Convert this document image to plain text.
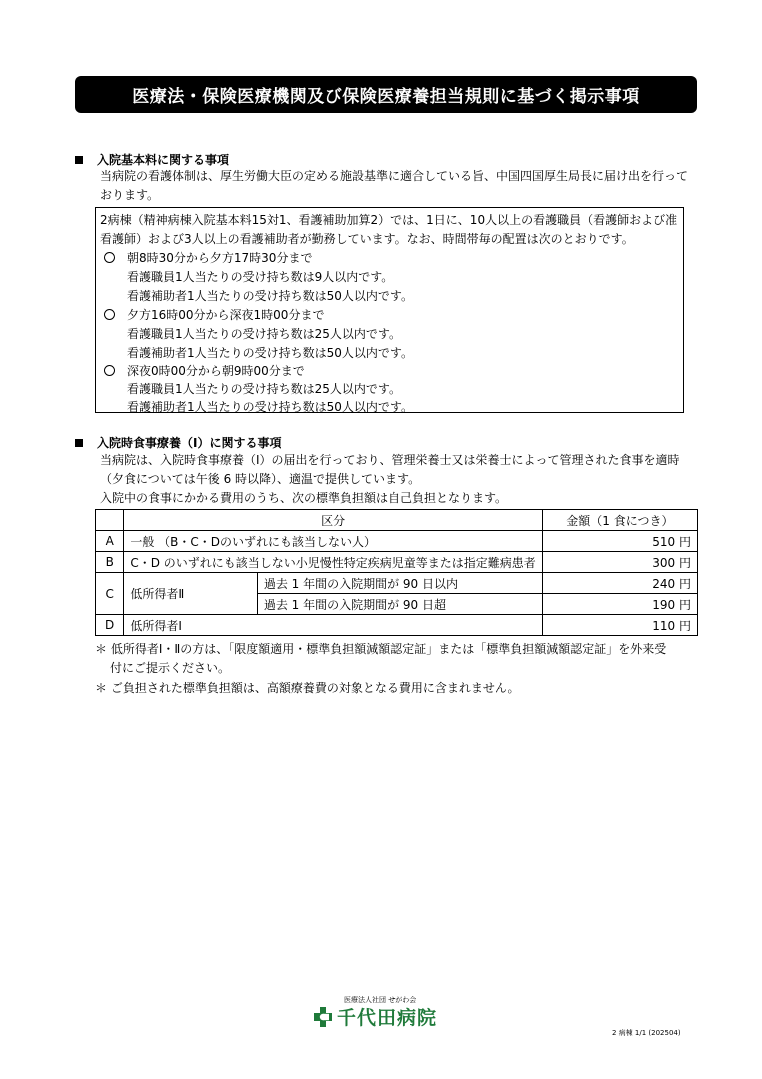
医療法・保険医療機関及び保険医療養担当規則に基づく掲示事項
入院基本料に関する事項
当病院の看護体制は、厚生労働大臣の定める施設基準に適合している旨、中国四国厚生局長に届け出を行って
おります。
2病棟（精神病棟入院基本料15対1、看護補助加算2）では、1日に、10人以上の看護職員（看護師および准
看護師）および3人以上の看護補助者が勤務しています。なお、時間帯毎の配置は次のとおりです。
朝8時30分から夕方17時30分まで
看護職員1人当たりの受け持ち数は9人以内です。
看護補助者1人当たりの受け持ち数は50人以内です。
夕方16時00分から深夜1時00分まで
看護職員1人当たりの受け持ち数は25人以内です。
看護補助者1人当たりの受け持ち数は50人以内です。
深夜0時00分から朝9時00分まで
看護職員1人当たりの受け持ち数は25人以内です。
看護補助者1人当たりの受け持ち数は50人以内です。
入院時食事療養（Ⅰ）に関する事項
当病院は、入院時食事療養（Ⅰ）の届出を行っており、管理栄養士又は栄養士によって管理された食事を適時
（夕食については午後 6 時以降）、適温で提供しています。
入院中の食事にかかる費用のうち、次の標準負担額は自己負担となります。
	区分		金額（1 食につき）
A	一般 （B・C・Dのいずれにも該当しない人）		510 円
B	C・D のいずれにも該当しない小児慢性特定疾病児童等または指定難病患者		300 円
C	低所得者Ⅱ	過去 1 年間の入院期間が 90 日以内	240 円
		過去 1 年間の入院期間が 90 日超	190 円
D	低所得者Ⅰ		110 円
＊ 低所得者Ⅰ・Ⅱの方は、「限度額適用・標準負担額減額認定証」または「標準負担額減額認定証」を外来受
付にご提示ください。
＊ ご負担された標準負担額は、高額療養費の対象となる費用に含まれません。
医療法人社団 せがわ会
千代田病院
2 病棟 1/1 (202504)
